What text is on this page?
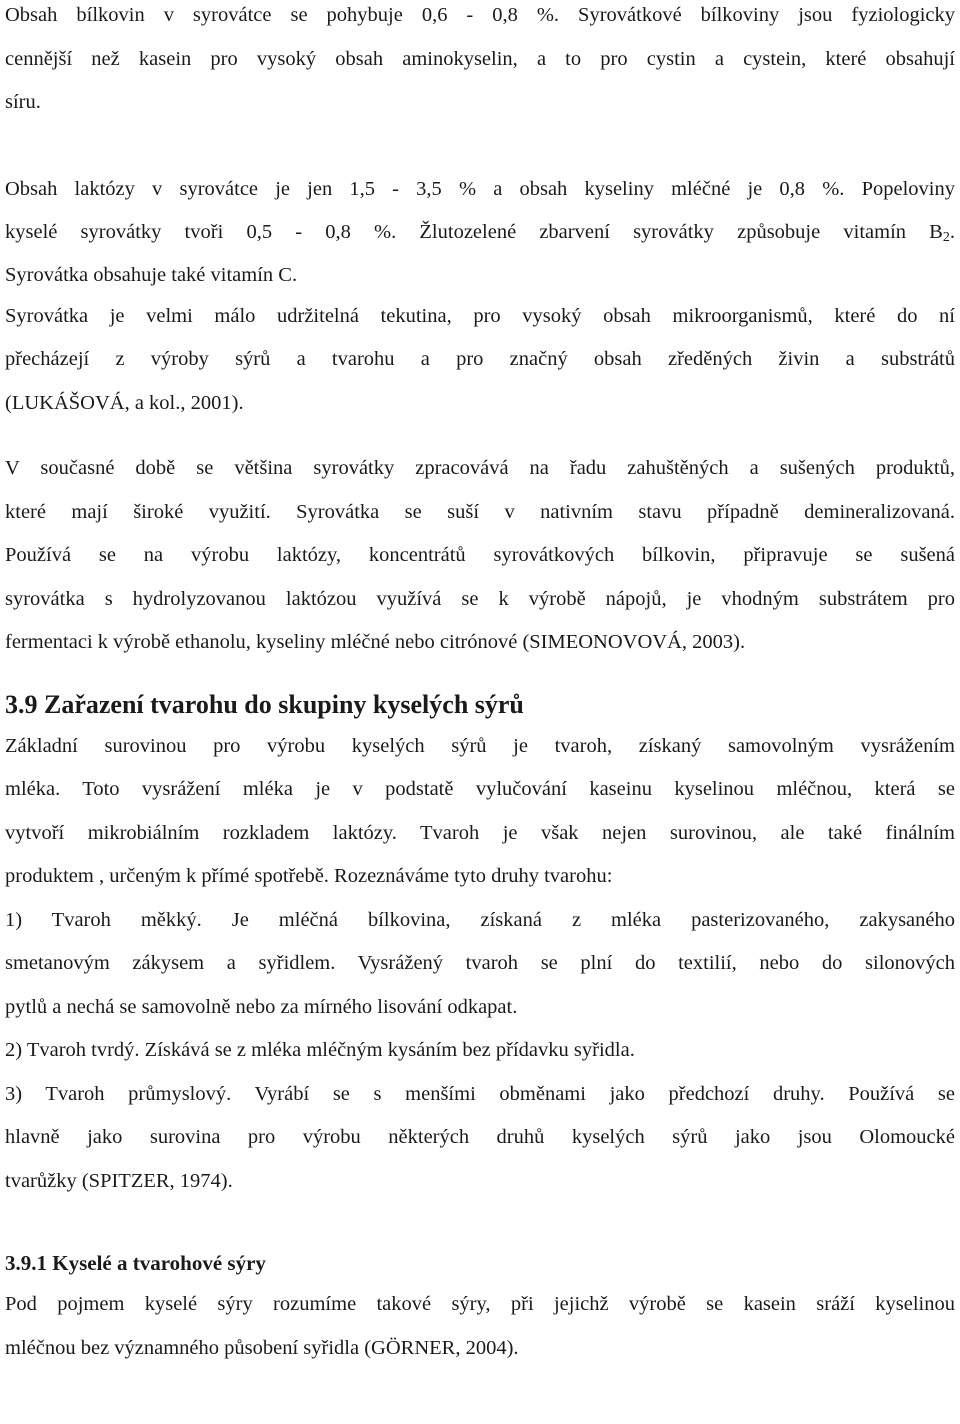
Obsah bílkovin v syrovátce se pohybuje 0,6 - 0,8 %. Syrovátkové bílkoviny jsou fyziologicky
cennější než kasein pro vysoký obsah aminokyselin, a to pro cystin a cystein, které obsahují
síru.
Obsah laktózy v syrovátce je jen 1,5 - 3,5 % a obsah kyseliny mléčné je 0,8 %. Popeloviny
kyselé syrovátky tvoři 0,5 - 0,8 %. Žlutozelené zbarvení syrovátky způsobuje vitamín $B_2$.
Syrovátka obsahuje také vitamín C.
Syrovátka je velmi málo udržitelná tekutina, pro vysoký obsah mikroorganismů, které do ní
přecházejí z výroby sýrů a tvarohu a pro značný obsah zředěných živin a substrátů
(LUKÁŠOVÁ, a kol., 2001).
V současné době se většina syrovátky zpracovává na řadu zahuštěných a sušených produktů,
které mají široké využití. Syrovátka se suší v nativním stavu případně demineralizovaná.
Používá se na výrobu laktózy, koncentrátů syrovátkových bílkovin, připravuje se sušená
syrovátka s hydrolyzovanou laktózou využívá se k výrobě nápojů, je vhodným substrátem pro
fermentaci k výrobě ethanolu, kyseliny mléčné nebo citrónové (SIMEONOVOVÁ, 2003).
3.9 Zařazení tvarohu do skupiny kyselých sýrů
Základní surovinou pro výrobu kyselých sýrů je tvaroh, získaný samovolným vysrážením
mléka. Toto vysrážení mléka je v podstatě vylučování kaseinu kyselinou mléčnou, která se
vytvoří mikrobiálním rozkladem laktózy. Tvaroh je však nejen surovinou, ale také finálním
produktem , určeným k přímé spotřebě. Rozeznáváme tyto druhy tvarohu:
1) Tvaroh měkký. Je mléčná bílkovina, získaná z mléka pasterizovaného, zakysaného
smetanovým zákysem a syřidlem. Vysrážený tvaroh se plní do textilií, nebo do silonových
pytlů a nechá se samovolně nebo za mírného lisování odkapat.
2) Tvaroh tvrdý. Získává se z mléka mléčným kysáním bez přídavku syřidla.
3) Tvaroh průmyslový. Vyrábí se s menšími obměnami jako předchozí druhy. Používá se
hlavně jako surovina pro výrobu některých druhů kyselých sýrů jako jsou Olomoucké
tvarůžky (SPITZER, 1974).
3.9.1 Kyselé a tvarohové sýry
Pod pojmem kyselé sýry rozumíme takové sýry, při jejichž výrobě se kasein sráží kyselinou
mléčnou bez významného působení syřidla (GÖRNER, 2004).
